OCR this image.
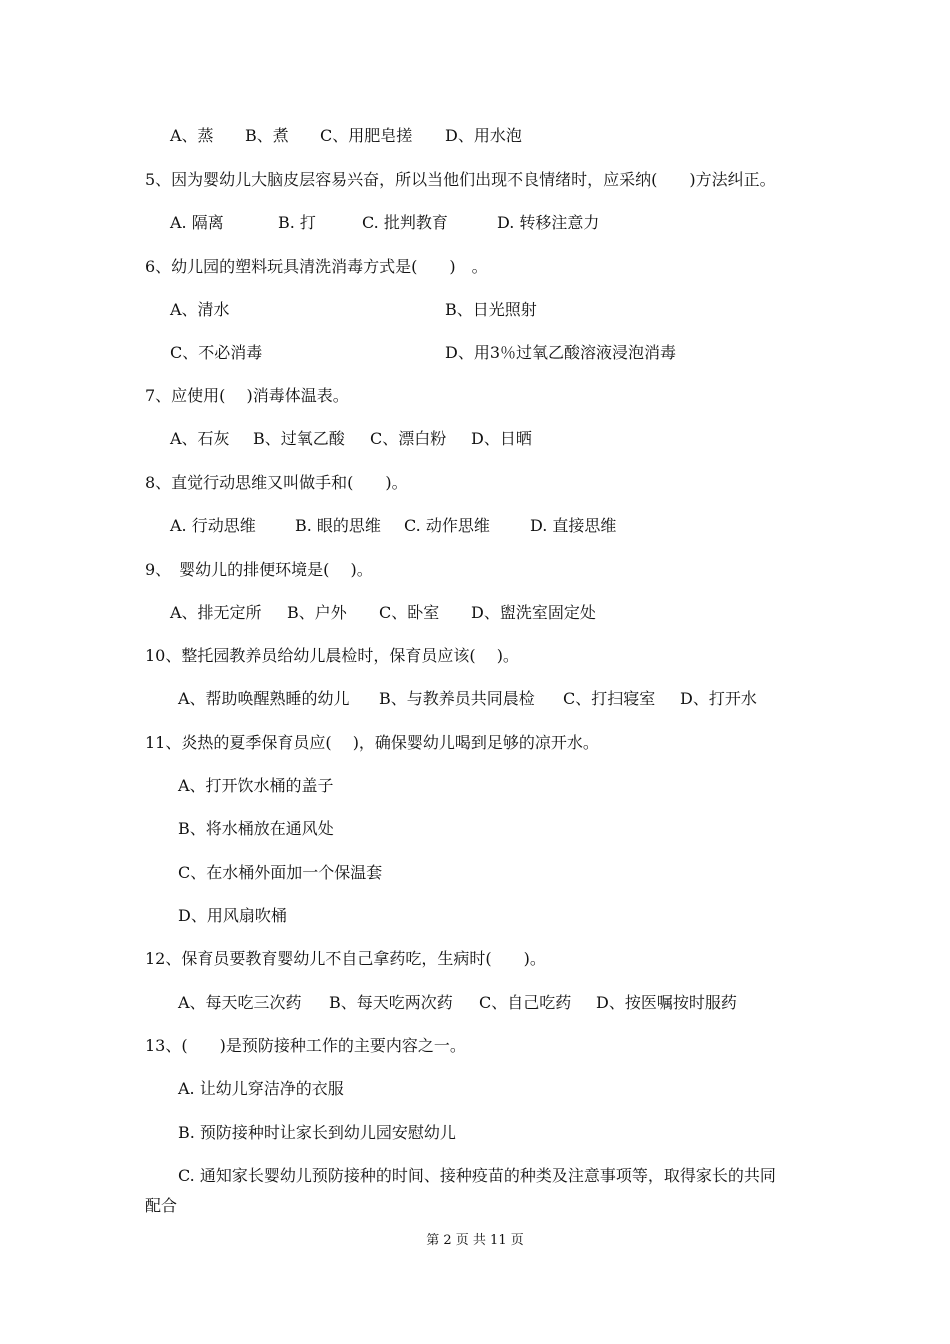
A、蒸 B、煮 C、用肥皂搓 D、用水泡
5、因为婴幼儿大脑皮层容易兴奋，所以当他们出现不良情绪时，应采纳(　　)方法纠正。
A. 隔离	B. 打	C. 批判教育	D. 转移注意力
6、幼儿园的塑料玩具清洗消毒方式是(　　)　。
A、清水	B、日光照射
C、不必消毒	D、用3％过氧乙酸溶液浸泡消毒
7、应使用(　 )消毒体温表。
A、石灰 B、过氧乙酸 C、漂白粉 D、日晒
8、直觉行动思维又叫做手和(　　)。
A. 行动思维 B. 眼的思维 C. 动作思维	D. 直接思维
9、　婴幼儿的排便环境是(　 )。
A、排无定所 B、户外 C、卧室 D、盥洗室固定处
10、整托园教养员给幼儿晨检时，保育员应该(　 )。
A、帮助唤醒熟睡的幼儿 B、与教养员共同晨检 C、打扫寝室 D、打开水
11、炎热的夏季保育员应(　 )，确保婴幼儿喝到足够的凉开水。
A、打开饮水桶的盖子
B、将水桶放在通风处
C、在水桶外面加一个保温套
D、用风扇吹桶
12、保育员要教育婴幼儿不自己拿药吃，生病时(　　)。
A、每天吃三次药 B、每天吃两次药 C、自己吃药 D、按医嘱按时服药
13、(　　)是预防接种工作的主要内容之一。
A. 让幼儿穿洁净的衣服
B. 预防接种时让家长到幼儿园安慰幼儿
C. 通知家长婴幼儿预防接种的时间、接种疫苗的种类及注意事项等，取得家长的共同
配合
第 2 页 共 11 页
